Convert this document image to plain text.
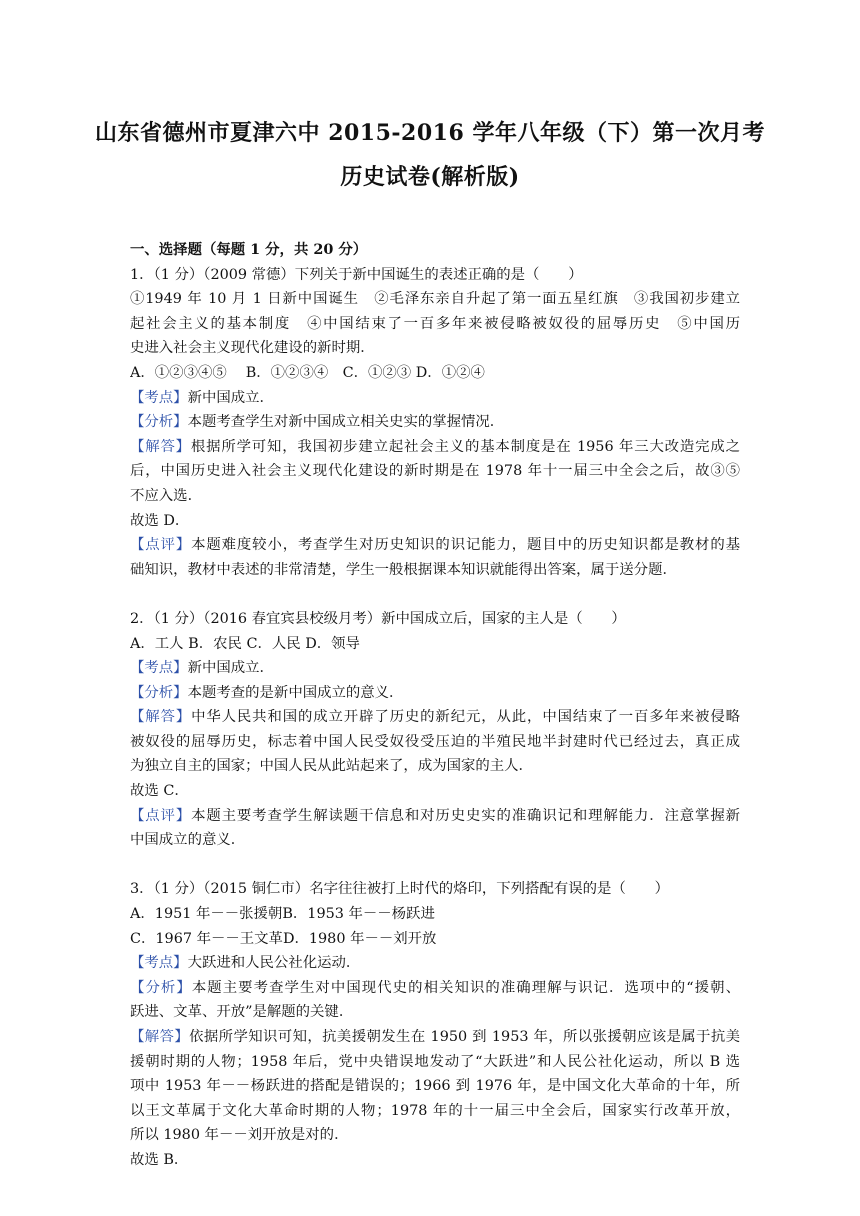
山东省德州市夏津六中 2015-2016 学年八年级（下）第一次月考
历史试卷(解析版)
一、选择题（每题 1 分，共 20 分）
1．（1 分）（2009 常德）下列关于新中国诞生的表述正确的是（　　）
①1949 年 10 月 1 日新中国诞生　②毛泽东亲自升起了第一面五星红旗　③我国初步建立
起社会主义的基本制度　④中国结束了一百多年来被侵略被奴役的屈辱历史　⑤中国历
史进入社会主义现代化建设的新时期．
A．①②③④⑤　 B．①②③④　C．①②③ D．①②④
【考点】新中国成立．
【分析】本题考查学生对新中国成立相关史实的掌握情况．
【解答】根据所学可知，我国初步建立起社会主义的基本制度是在 1956 年三大改造完成之
后，中国历史进入社会主义现代化建设的新时期是在 1978 年十一届三中全会之后，故③⑤
不应入选．
故选 D．
【点评】本题难度较小，考查学生对历史知识的识记能力，题目中的历史知识都是教材的基
础知识，教材中表述的非常清楚，学生一般根据课本知识就能得出答案，属于送分题．
2．（1 分）（2016 春宜宾县校级月考）新中国成立后，国家的主人是（　　）
A．工人 B．农民 C．人民 D．领导
【考点】新中国成立．
【分析】本题考查的是新中国成立的意义．
【解答】中华人民共和国的成立开辟了历史的新纪元，从此，中国结束了一百多年来被侵略
被奴役的屈辱历史，标志着中国人民受奴役受压迫的半殖民地半封建时代已经过去，真正成
为独立自主的国家；中国人民从此站起来了，成为国家的主人．
故选 C．
【点评】本题主要考查学生解读题干信息和对历史史实的准确识记和理解能力．注意掌握新
中国成立的意义．
3．（1 分）（2015 铜仁市）名字往往被打上时代的烙印，下列搭配有误的是（　　）
A．1951 年－－张援朝B．1953 年－－杨跃进
C．1967 年－－王文革D．1980 年－－刘开放
【考点】大跃进和人民公社化运动．
【分析】本题主要考查学生对中国现代史的相关知识的准确理解与识记．选项中的“援朝、
跃进、文革、开放”是解题的关键．
【解答】依据所学知识可知，抗美援朝发生在 1950 到 1953 年，所以张援朝应该是属于抗美
援朝时期的人物；1958 年后，党中央错误地发动了“大跃进”和人民公社化运动，所以 B 选
项中 1953 年－－杨跃进的搭配是错误的；1966 到 1976 年，是中国文化大革命的十年，所
以王文革属于文化大革命时期的人物；1978 年的十一届三中全会后，国家实行改革开放，
所以 1980 年－－刘开放是对的．
故选 B．
